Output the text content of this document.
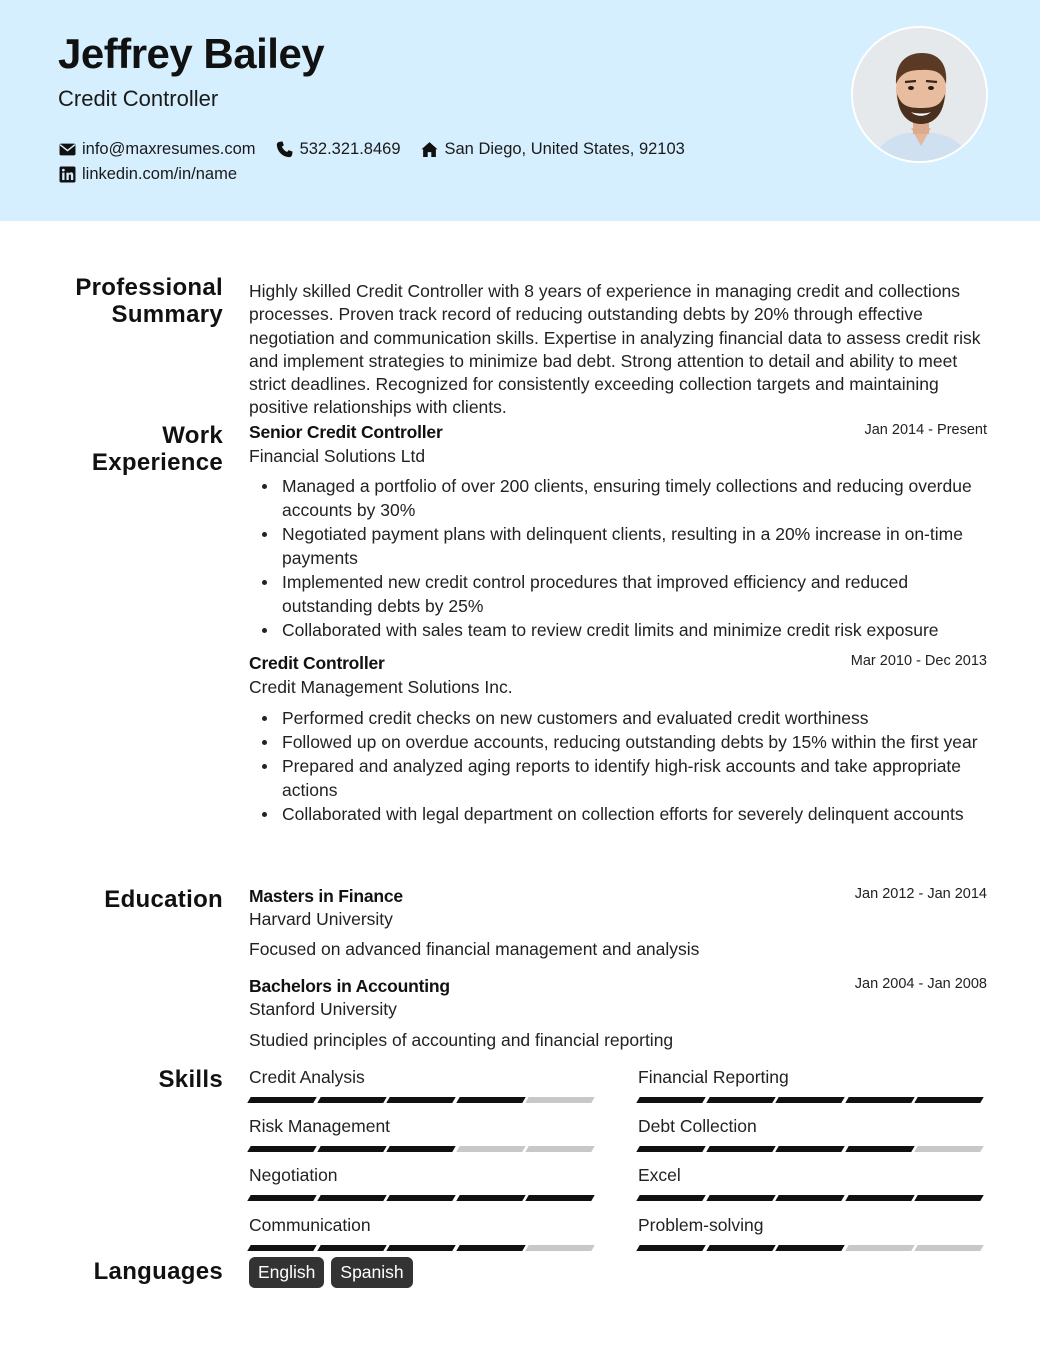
Jeffrey Bailey
Credit Controller
info@maxresumes.com	532.321.8469	San Diego, United States, 92103
linkedin.com/in/name
Professional Summary
Highly skilled Credit Controller with 8 years of experience in managing credit and collections processes. Proven track record of reducing outstanding debts by 20% through effective negotiation and communication skills. Expertise in analyzing financial data to assess credit risk and implement strategies to minimize bad debt. Strong attention to detail and ability to meet strict deadlines. Recognized for consistently exceeding collection targets and maintaining positive relationships with clients.
Work Experience
Senior Credit Controller	Jan 2014 - Present
Financial Solutions Ltd
Managed a portfolio of over 200 clients, ensuring timely collections and reducing overdue accounts by 30%
Negotiated payment plans with delinquent clients, resulting in a 20% increase in on-time payments
Implemented new credit control procedures that improved efficiency and reduced outstanding debts by 25%
Collaborated with sales team to review credit limits and minimize credit risk exposure
Credit Controller	Mar 2010 - Dec 2013
Credit Management Solutions Inc.
Performed credit checks on new customers and evaluated credit worthiness
Followed up on overdue accounts, reducing outstanding debts by 15% within the first year
Prepared and analyzed aging reports to identify high-risk accounts and take appropriate actions
Collaborated with legal department on collection efforts for severely delinquent accounts
Education Masters in Finance	Jan 2012 - Jan 2014
Harvard University
Focused on advanced financial management and analysis
Bachelors in Accounting	Jan 2004 - Jan 2008
Stanford University
Studied principles of accounting and financial reporting
Skills Credit Analysis	Financial Reporting
Risk Management	Debt Collection
Negotiation	Excel
Communication	Problem-solving
Languages	English	Spanish
